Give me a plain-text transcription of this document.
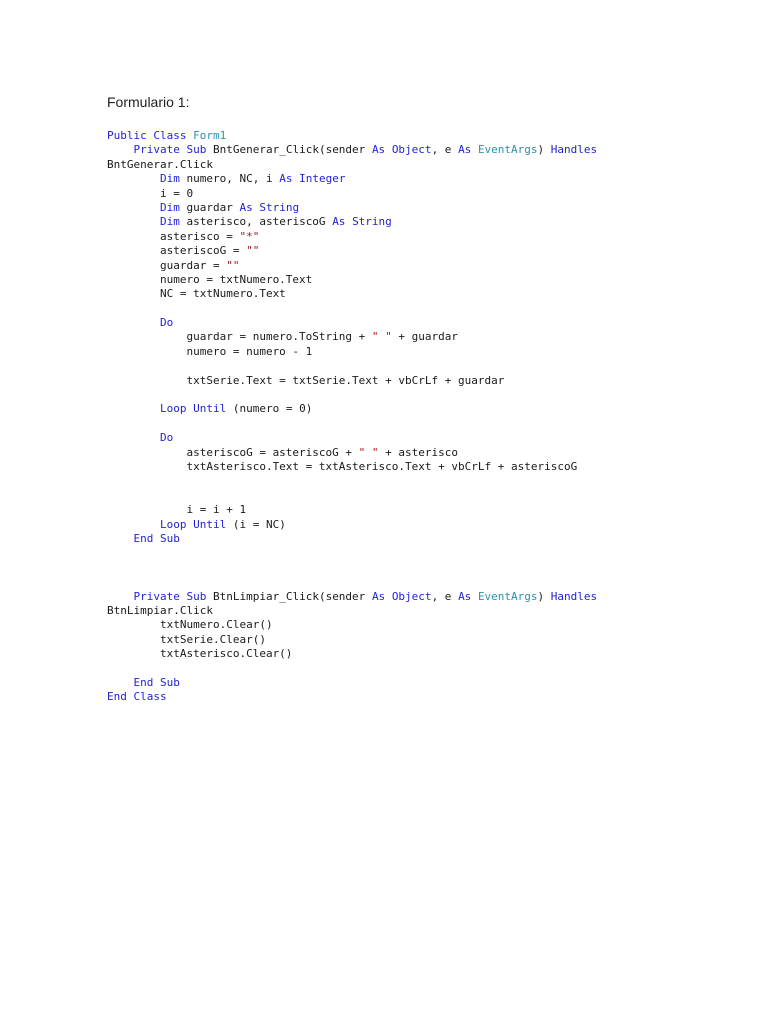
Formulario 1:
Public Class Form1
Private Sub BntGenerar_Click(sender As Object, e As EventArgs) Handles
BntGenerar.Click
Dim numero, NC, i As Integer
i = 0
Dim guardar As String
Dim asterisco, asteriscoG As String
asterisco = "*"
asteriscoG = ""
guardar = ""
numero = txtNumero.Text
NC = txtNumero.Text
Do
guardar = numero.ToString + " " + guardar
numero = numero - 1
txtSerie.Text = txtSerie.Text + vbCrLf + guardar
Loop Until (numero = 0)
Do
asteriscoG = asteriscoG + " " + asterisco
txtAsterisco.Text = txtAsterisco.Text + vbCrLf + asteriscoG
i = i + 1
Loop Until (i = NC)
End Sub
Private Sub BtnLimpiar_Click(sender As Object, e As EventArgs) Handles
BtnLimpiar.Click
txtNumero.Clear()
txtSerie.Clear()
txtAsterisco.Clear()
End Sub
End Class
